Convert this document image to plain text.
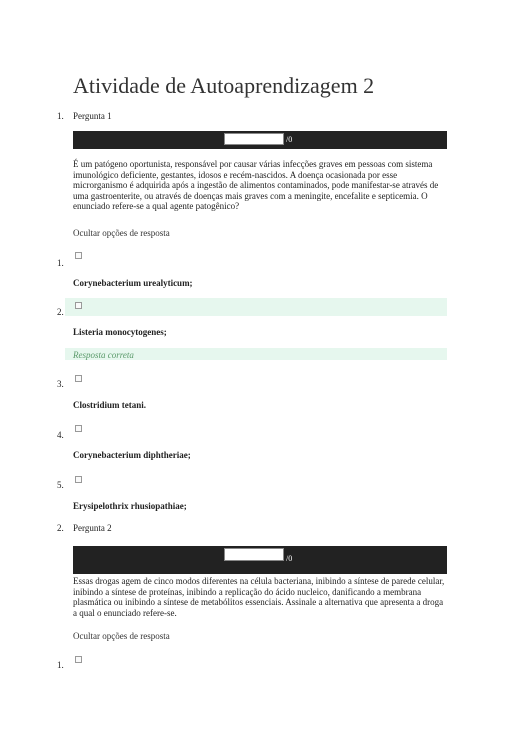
Atividade de Autoaprendizagem 2
1. Pergunta 1
/0

É um patógeno oportunista, responsável por causar várias infecções graves em pessoas com sistema imunológico deficiente, gestantes, idosos e recém-nascidos. A doença ocasionada por esse microrganismo é adquirida após a ingestão de alimentos contaminados, pode manifestar-se através de uma gastroenterite, ou através de doenças mais graves com a meningite, encefalite e septicemia. O enunciado refere-se a qual agente patogênico?

Ocultar opções de resposta
1.
Corynebacterium urealyticum;
2.
Listeria monocytogenes;
Resposta correta
3.
Clostridium tetani.
4.
Corynebacterium diphtheriae;
5.
Erysipelothrix rhusiopathiae;
2. Pergunta 2
/0

Essas drogas agem de cinco modos diferentes na célula bacteriana, inibindo a síntese de parede celular, inibindo a síntese de proteínas, inibindo a replicação do ácido nucleico, danificando a membrana plasmática ou inibindo a síntese de metabólitos essenciais. Assinale a alternativa que apresenta a droga a qual o enunciado refere-se.

Ocultar opções de resposta
1.
